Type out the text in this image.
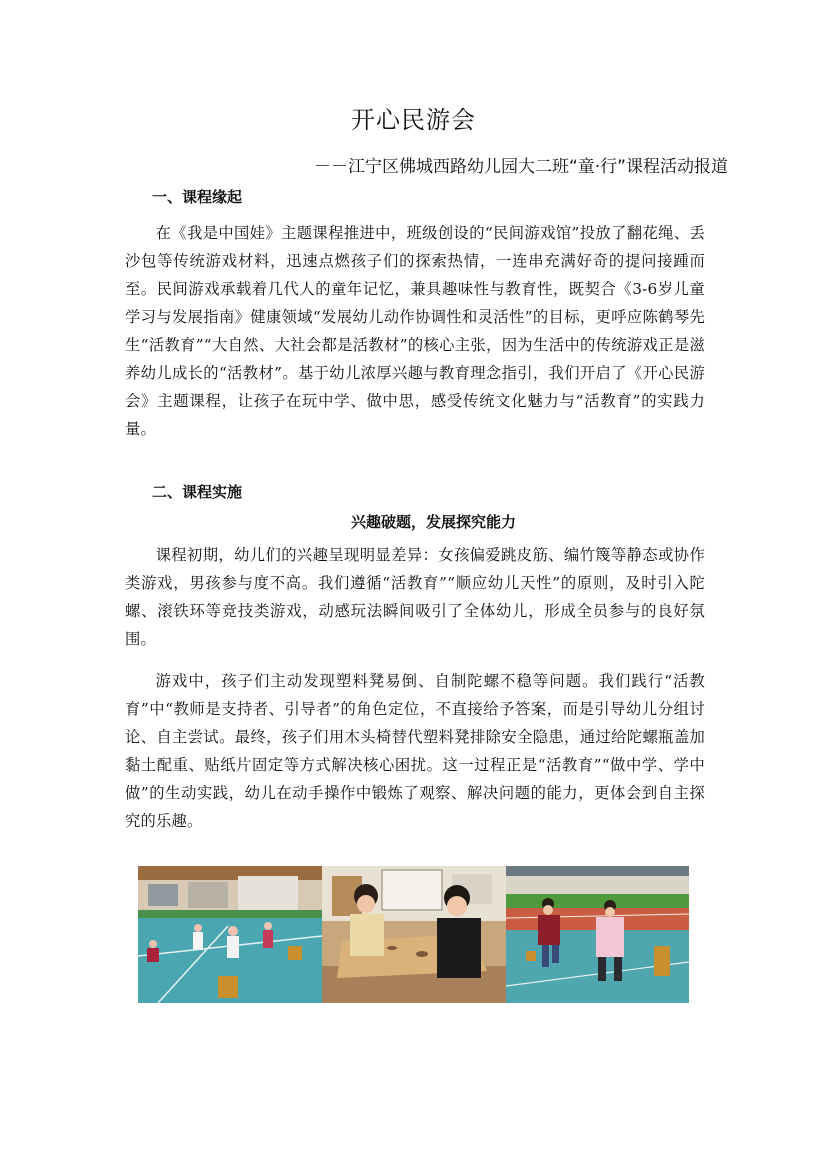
开心民游会

－－江宁区佛城西路幼儿园大二班“童·行”课程活动报道

一、课程缘起

在《我是中国娃》主题课程推进中，班级创设的“民间游戏馆”投放了翻花绳、丢沙包等传统游戏材料，迅速点燃孩子们的探索热情，一连串充满好奇的提问接踵而至。民间游戏承载着几代人的童年记忆，兼具趣味性与教育性，既契合《3-6岁儿童学习与发展指南》健康领域“发展幼儿动作协调性和灵活性”的目标，更呼应陈鹤琴先生“活教育”“大自然、大社会都是活教材”的核心主张，因为生活中的传统游戏正是滋养幼儿成长的“活教材”。基于幼儿浓厚兴趣与教育理念指引，我们开启了《开心民游会》主题课程，让孩子在玩中学、做中思，感受传统文化魅力与“活教育”的实践力量。

二、课程实施
兴趣破题，发展探究能力

课程初期，幼儿们的兴趣呈现明显差异：女孩偏爱跳皮筋、编竹篾等静态或协作类游戏，男孩参与度不高。我们遵循“活教育”“顺应幼儿天性”的原则，及时引入陀螺、滚铁环等竞技类游戏，动感玩法瞬间吸引了全体幼儿，形成全员参与的良好氛围。

游戏中，孩子们主动发现塑料凳易倒、自制陀螺不稳等问题。我们践行“活教育”中“教师是支持者、引导者”的角色定位，不直接给予答案，而是引导幼儿分组讨论、自主尝试。最终，孩子们用木头椅替代塑料凳排除安全隐患，通过给陀螺瓶盖加黏土配重、贴纸片固定等方式解决核心困扰。这一过程正是“活教育”“做中学、学中做”的生动实践，幼儿在动手操作中锻炼了观察、解决问题的能力，更体会到自主探究的乐趣。
